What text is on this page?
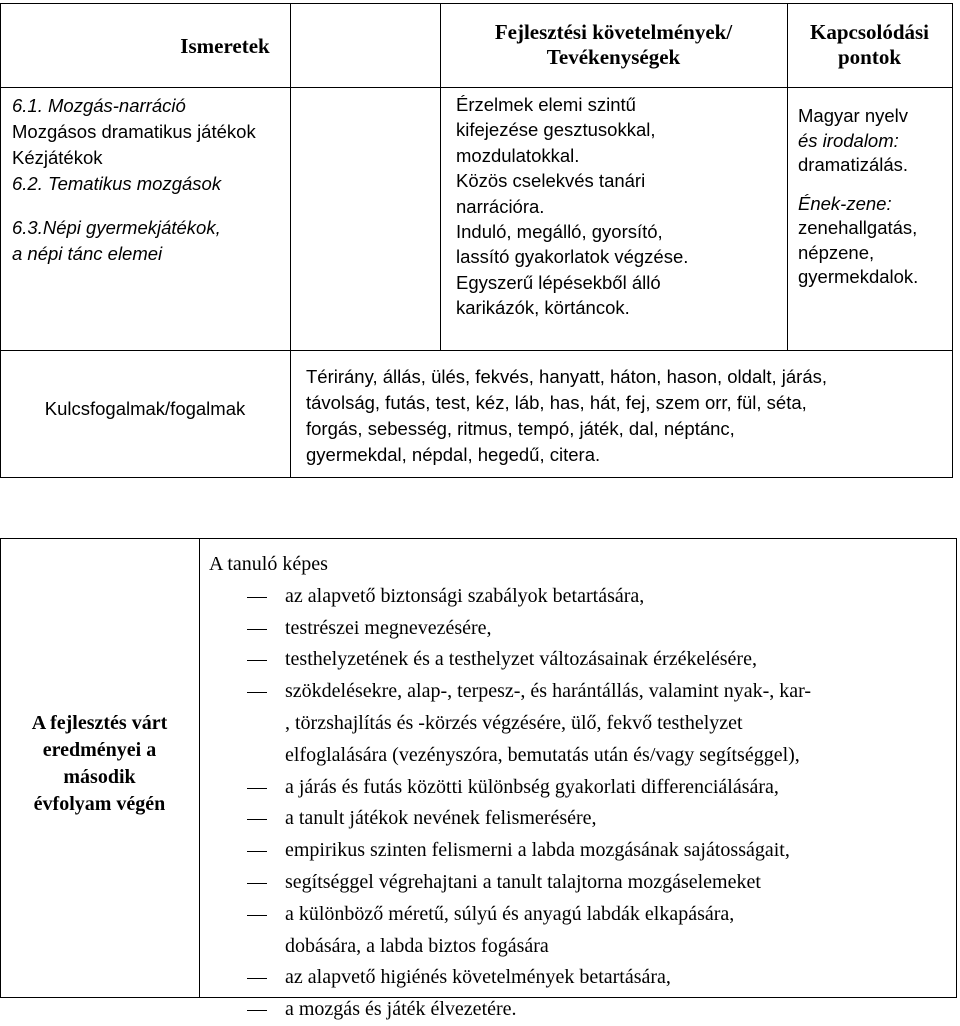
Ismeretek
Fejlesztési követelmények/
Tevékenységek
Kapcsolódási
pontok
6.1. Mozgás-narráció
Mozgásos dramatikus játékok
Kézjátékok
6.2. Tematikus mozgások
6.3.Népi gyermekjátékok,
a népi tánc elemei
Érzelmek elemi szintű
kifejezése gesztusokkal,
mozdulatokkal.
Közös cselekvés tanári
narrációra.
Induló, megálló, gyorsító,
lassító gyakorlatok végzése.
Egyszerű lépésekből álló
karikázók, körtáncok.
Magyar nyelv
és irodalom:
dramatizálás.
Ének-zene:
zenehallgatás,
népzene,
gyermekdalok.
Kulcsfogalmak/fogalmak
Térirány, állás, ülés, fekvés, hanyatt, háton, hason, oldalt, járás,
távolság, futás, test, kéz, láb, has, hát, fej, szem orr, fül, séta,
forgás, sebesség, ritmus, tempó, játék, dal, néptánc,
gyermekdal, népdal, hegedű, citera.
A fejlesztés várt
eredményei a
második
évfolyam végén
A tanuló képes
az alapvető biztonsági szabályok betartására,
testrészei megnevezésére,
testhelyzetének és a testhelyzet változásainak érzékelésére,
szökdelésekre, alap-, terpesz-, és harántállás, valamint nyak-, kar-
, törzshajlítás és -körzés végzésére, ülő, fekvő testhelyzet
elfoglalására (vezényszóra, bemutatás után és/vagy segítséggel),
a járás és futás közötti különbség gyakorlati differenciálására,
a tanult játékok nevének felismerésére,
empirikus szinten felismerni a labda mozgásának sajátosságait,
segítséggel végrehajtani a tanult talajtorna mozgáselemeket
a különböző méretű, súlyú és anyagú labdák elkapására,
dobására, a labda biztos fogására
az alapvető higiénés követelmények betartására,
a mozgás és játék élvezetére.
